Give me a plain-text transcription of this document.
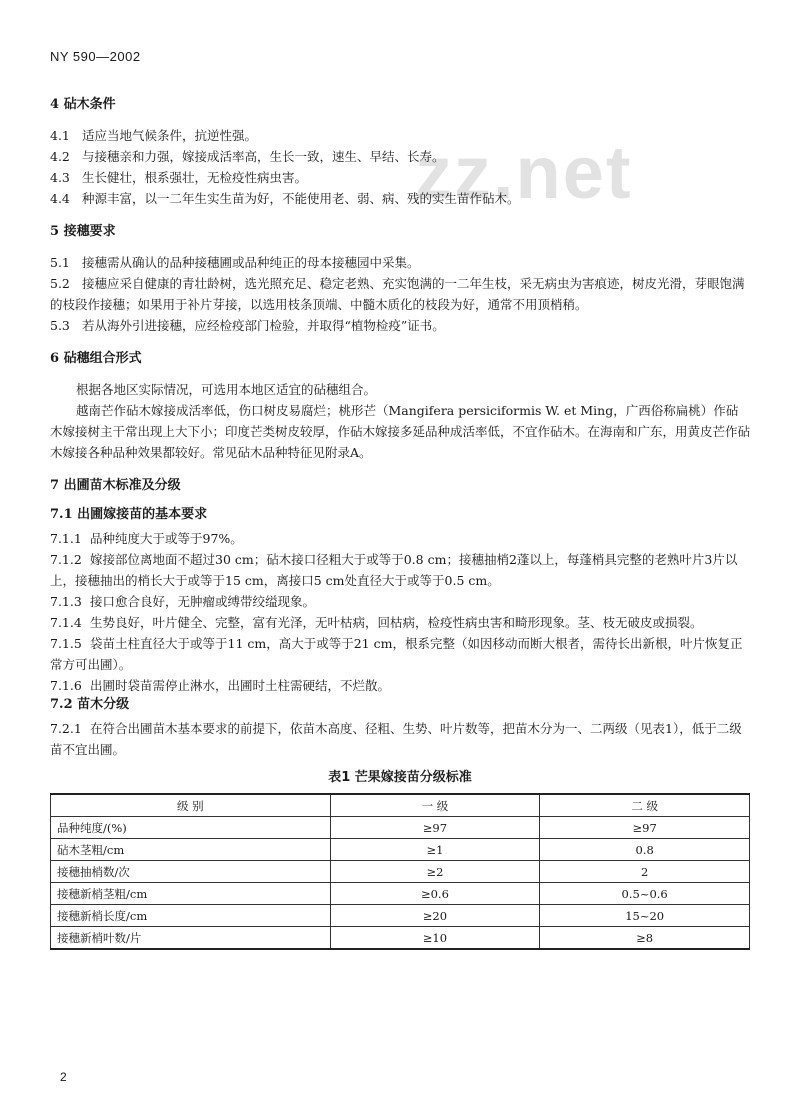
NY 590—2002
zz.net
4 砧木条件
4.1 适应当地气候条件，抗逆性强。
4.2 与接穗亲和力强，嫁接成活率高，生长一致，速生、早结、长寿。
4.3 生长健壮，根系强壮，无检疫性病虫害。
4.4 种源丰富，以一二年生实生苗为好，不能使用老、弱、病、残的实生苗作砧木。
5 接穗要求
5.1 接穗需从确认的品种接穗圃或品种纯正的母本接穗园中采集。
5.2 接穗应采自健康的青壮龄树，选光照充足、稳定老熟、充实饱满的一二年生枝，采无病虫为害痕迹，树皮光滑，芽眼饱满的枝段作接穗；如果用于补片芽接，以选用枝条顶端、中髓木质化的枝段为好，通常不用顶梢稍。
5.3 若从海外引进接穗，应经检疫部门检验，并取得“植物检疫”证书。
6 砧穗组合形式
根据各地区实际情况，可选用本地区适宜的砧穗组合。
越南芒作砧木嫁接成活率低，伤口树皮易腐烂；桃形芒（Mangifera persiciformis W. et Ming，广西俗称扁桃）作砧木嫁接树主干常出现上大下小；印度芒类树皮较厚，作砧木嫁接多延品种成活率低，不宜作砧木。在海南和广东，用黄皮芒作砧木嫁接各种品种效果都较好。常见砧木品种特征见附录A。
7 出圃苗木标准及分级
7.1 出圃嫁接苗的基本要求
7.1.1 品种纯度大于或等于97%。
7.1.2 嫁接部位离地面不超过30 cm；砧木接口径粗大于或等于0.8 cm；接穗抽梢2蓬以上，每蓬梢具完整的老熟叶片3片以上，接穗抽出的梢长大于或等于15 cm，离接口5 cm处直径大于或等于0.5 cm。
7.1.3 接口愈合良好，无肿瘤或缚带绞缢现象。
7.1.4 生势良好，叶片健全、完整，富有光泽，无叶枯病，回枯病，检疫性病虫害和畸形现象。茎、枝无破皮或损裂。
7.1.5 袋苗土柱直径大于或等于11 cm，高大于或等于21 cm，根系完整（如因移动而断大根者，需待长出新根，叶片恢复正常方可出圃）。
7.1.6 出圃时袋苗需停止淋水，出圃时土柱需硬结，不烂散。
7.2 苗木分级
7.2.1 在符合出圃苗木基本要求的前提下，依苗木高度、径粗、生势、叶片数等，把苗木分为一、二两级（见表1），低于二级苗不宜出圃。
表1 芒果嫁接苗分级标准
级 别	一 级	二 级
品种纯度/(%)	≥97	≥97
砧木茎粗/cm	≥1	0.8
接穗抽梢数/次	≥2	2
接穗新梢茎粗/cm	≥0.6	0.5~0.6
接穗新梢长度/cm	≥20	15~20
接穗新梢叶数/片	≥10	≥8
2
